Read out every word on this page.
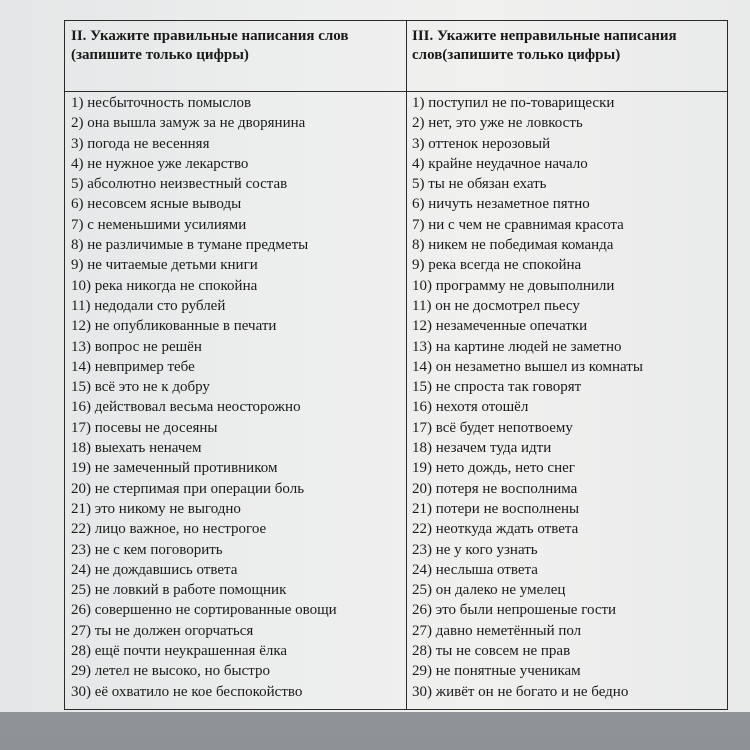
II. Укажите правильные написания слов (запишите только цифры)
III. Укажите неправильные написания слов(запишите только цифры)
1) несбыточность помыслов
2) она вышла замуж за не дворянина
3) погода не весенняя
4) не нужное уже лекарство
5) абсолютно неизвестный состав
6) несовсем ясные выводы
7) с неменьшими усилиями
8) не различимые в тумане предметы
9) не читаемые детьми книги
10) река никогда не спокойна
11) недодали сто рублей
12) не опубликованные в печати
13) вопрос не решён
14) невпример тебе
15) всё это не к добру
16) действовал весьма неосторожно
17) посевы не досеяны
18) выехать неначем
19) не замеченный противником
20) не стерпимая при операции боль
21) это никому не выгодно
22) лицо важное, но нестрогое
23) не с кем поговорить
24) не дождавшись ответа
25) не ловкий в работе помощник
26) совершенно не сортированные овощи
27) ты не должен огорчаться
28) ещё почти неукрашенная ёлка
29) летел не высоко, но быстро
30) её охватило не кое беспокойство
1) поступил не по-товарищески
2) нет, это уже не ловкость
3) оттенок нерозовый
4) крайне неудачное начало
5) ты не обязан ехать
6) ничуть незаметное пятно
7) ни с чем не сравнимая красота
8) никем не победимая команда
9) река всегда не спокойна
10) программу не довыполнили
11) он не досмотрел пьесу
12) незамеченные опечатки
13) на картине людей не заметно
14) он незаметно вышел из комнаты
15) не спроста так говорят
16) нехотя отошёл
17) всё будет непотвоему
18) незачем туда идти
19) нето дождь, нето снег
20) потеря не восполнима
21) потери не восполнены
22) неоткуда ждать ответа
23) не у кого узнать
24) неслыша ответа
25) он далеко не умелец
26) это были непрошеные гости
27) давно неметённый пол
28) ты не совсем не прав
29) не понятные ученикам
30) живёт он не богато и не бедно
